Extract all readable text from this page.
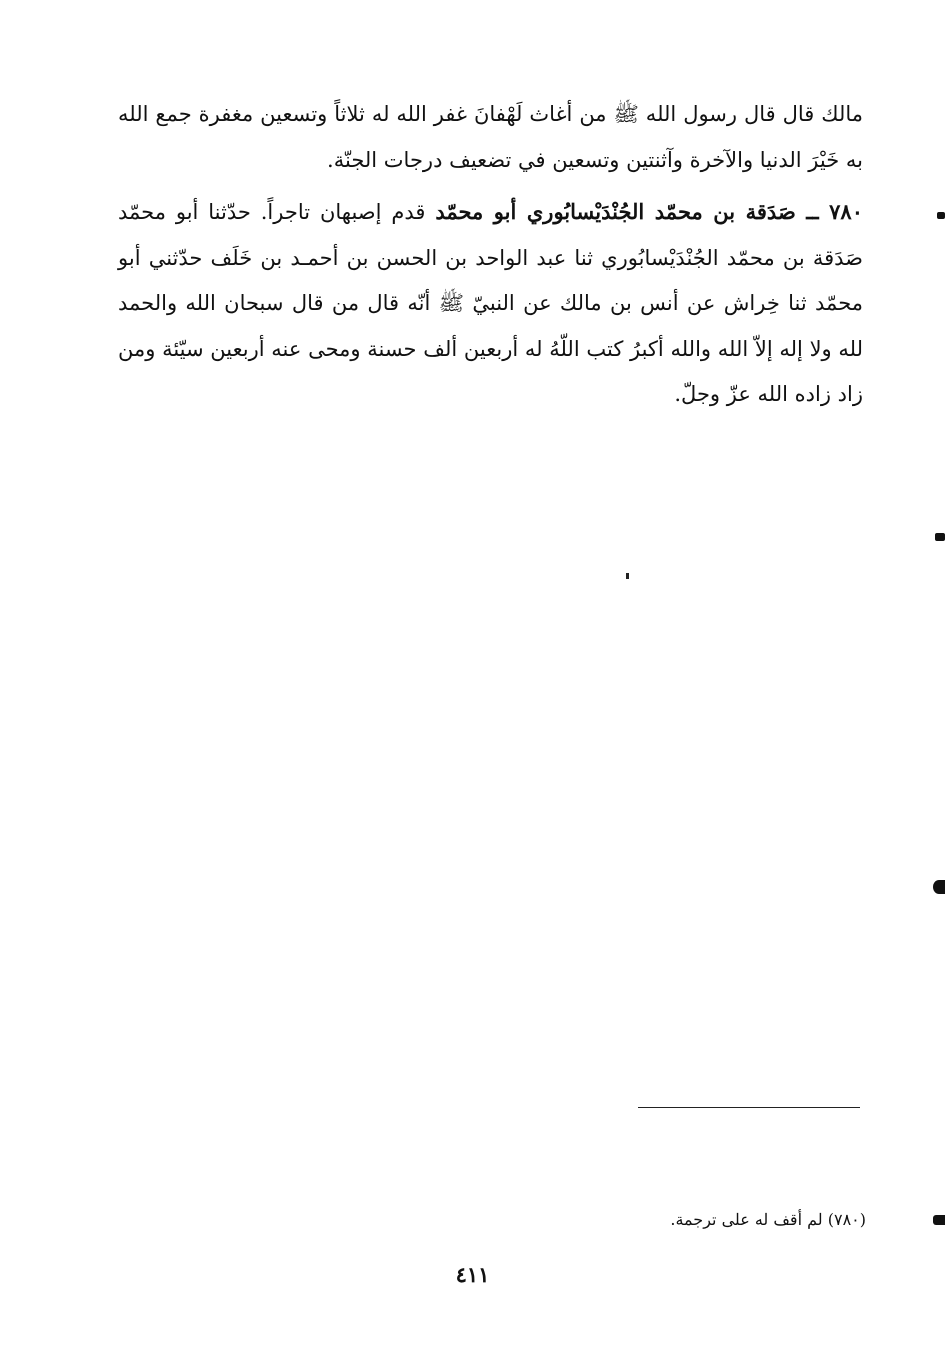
مالك قال قال رسول الله ﷺ من أغاث لَهْفانَ غفر الله له ثلاثاً وتسعين مغفرة جمع الله به خَيْرَ الدنيا والآخرة وآثنتين وتسعين في تضعيف درجات الجنّة.

٧٨٠ ــ صَدَقة بن محمّد الجُنْدَيْسابُوري أبو محمّد قدم إصبهان تاجراً. حدّثنا أبو محمّد صَدَقة بن محمّد الجُنْدَيْسابُوري ثنا عبد الواحد بن الحسن بن أحمـد بن خَلَف حدّثني أبو محمّد ثنا خِراش عن أنس بن مالك عن النبيّ ﷺ أنّه قال من قال سبحان الله والحمد لله ولا إله إلاّ الله والله أكبرُ كتب اللّهُ له أربعين ألف حسنة ومحى عنه أربعين سيّئة ومن زاد زاده الله عزّ وجلّ.

(٧٨٠) لم أقف له على ترجمة.
٤١١
